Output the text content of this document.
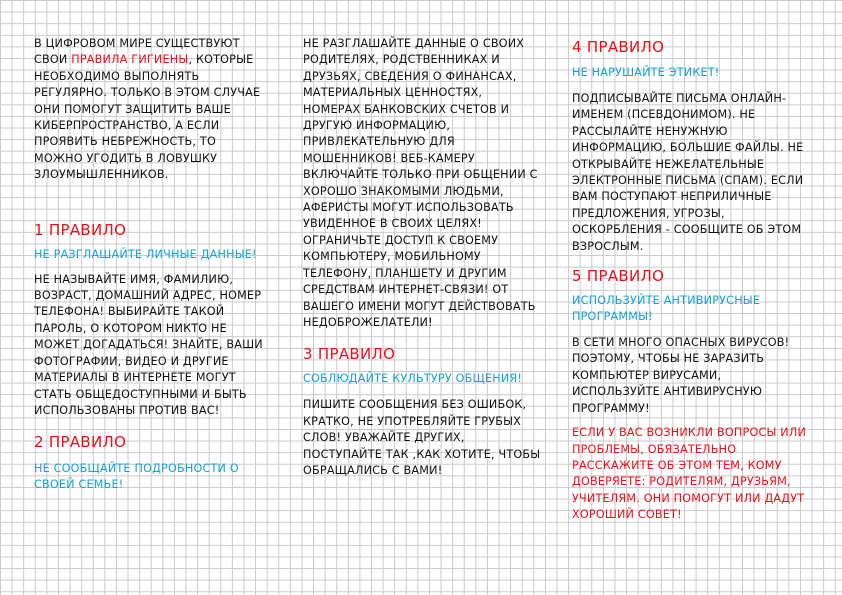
В ЦИФРОВОМ МИРЕ СУЩЕСТВУЮТ СВОИ ПРАВИЛА ГИГИЕНЫ, КОТОРЫЕ НЕОБХОДИМО ВЫПОЛНЯТЬ РЕГУЛЯРНО. ТОЛЬКО В ЭТОМ СЛУЧАЕ ОНИ ПОМОГУТ ЗАЩИТИТЬ ВАШЕ КИБЕРПРОСТРАНСТВО, А ЕСЛИ ПРОЯВИТЬ НЕБРЕЖНОСТЬ, ТО МОЖНО УГОДИТЬ В ЛОВУШКУ ЗЛОУМЫШЛЕННИКОВ.

1 ПРАВИЛО

НЕ РАЗГЛАШАЙТЕ ЛИЧНЫЕ ДАННЫЕ!

НЕ НАЗЫВАЙТЕ ИМЯ, ФАМИЛИЮ, ВОЗРАСТ, ДОМАШНИЙ АДРЕС, НОМЕР ТЕЛЕФОНА! ВЫБИРАЙТЕ ТАКОЙ ПАРОЛЬ, О КОТОРОМ НИКТО НЕ МОЖЕТ ДОГАДАТЬСЯ! ЗНАЙТЕ, ВАШИ ФОТОГРАФИИ, ВИДЕО И ДРУГИЕ МАТЕРИАЛЫ В ИНТЕРНЕТЕ МОГУТ СТАТЬ ОБЩЕДОСТУПНЫМИ И БЫТЬ ИСПОЛЬЗОВАНЫ ПРОТИВ ВАС!

2 ПРАВИЛО

НЕ СООБЩАЙТЕ ПОДРОБНОСТИ О СВОЕЙ СЕМЬЕ!

НЕ РАЗГЛАШАЙТЕ ДАННЫЕ О СВОИХ РОДИТЕЛЯХ, РОДСТВЕННИКАХ И ДРУЗЬЯХ, СВЕДЕНИЯ О ФИНАНСАХ, МАТЕРИАЛЬНЫХ ЦЕННОСТЯХ, НОМЕРАХ БАНКОВСКИХ СЧЕТОВ И ДРУГУЮ ИНФОРМАЦИЮ, ПРИВЛЕКАТЕЛЬНУЮ ДЛЯ МОШЕННИКОВ! ВЕБ-КАМЕРУ ВКЛЮЧАЙТЕ ТОЛЬКО ПРИ ОБЩЕНИИ С ХОРОШО ЗНАКОМЫМИ ЛЮДЬМИ, АФЕРИСТЫ МОГУТ ИСПОЛЬЗОВАТЬ УВИДЕННОЕ В СВОИХ ЦЕЛЯХ! ОГРАНИЧЬТЕ ДОСТУП К СВОЕМУ КОМПЬЮТЕРУ, МОБИЛЬНОМУ ТЕЛЕФОНУ, ПЛАНШЕТУ И ДРУГИМ СРЕДСТВАМ ИНТЕРНЕТ-СВЯЗИ! ОТ ВАШЕГО ИМЕНИ МОГУТ ДЕЙСТВОВАТЬ НЕДОБРОЖЕЛАТЕЛИ!

3 ПРАВИЛО

СОБЛЮДАЙТЕ КУЛЬТУРУ ОБЩЕНИЯ!

ПИШИТЕ СООБЩЕНИЯ БЕЗ ОШИБОК, КРАТКО, НЕ УПОТРЕБЛЯЙТЕ ГРУБЫХ СЛОВ! УВАЖАЙТЕ ДРУГИХ, ПОСТУПАЙТЕ ТАК ,КАК ХОТИТЕ, ЧТОБЫ ОБРАЩАЛИСЬ С ВАМИ!

4 ПРАВИЛО

НЕ НАРУШАЙТЕ ЭТИКЕТ!

ПОДПИСЫВАЙТЕ ПИСЬМА ОНЛАЙН-ИМЕНЕМ (ПСЕВДОНИМОМ). НЕ РАССЫЛАЙТЕ НЕНУЖНУЮ ИНФОРМАЦИЮ, БОЛЬШИЕ ФАЙЛЫ. НЕ ОТКРЫВАЙТЕ НЕЖЕЛАТЕЛЬНЫЕ ЭЛЕКТРОННЫЕ ПИСЬМА (СПАМ). ЕСЛИ ВАМ ПОСТУПАЮТ НЕПРИЛИЧНЫЕ ПРЕДЛОЖЕНИЯ, УГРОЗЫ, ОСКОРБЛЕНИЯ - СООБЩИТЕ ОБ ЭТОМ ВЗРОСЛЫМ.

5 ПРАВИЛО

ИСПОЛЬЗУЙТЕ АНТИВИРУСНЫЕ ПРОГРАММЫ!

В СЕТИ МНОГО ОПАСНЫХ ВИРУСОВ! ПОЭТОМУ, ЧТОБЫ НЕ ЗАРАЗИТЬ КОМПЬЮТЕР ВИРУСАМИ, ИСПОЛЬЗУЙТЕ АНТИВИРУСНУЮ ПРОГРАММУ!

ЕСЛИ У ВАС ВОЗНИКЛИ ВОПРОСЫ ИЛИ ПРОБЛЕМЫ, ОБЯЗАТЕЛЬНО РАССКАЖИТЕ ОБ ЭТОМ ТЕМ, КОМУ ДОВЕРЯЕТЕ: РОДИТЕЛЯМ, ДРУЗЬЯМ, УЧИТЕЛЯМ. ОНИ ПОМОГУТ ИЛИ ДАДУТ ХОРОШИЙ СОВЕТ!
